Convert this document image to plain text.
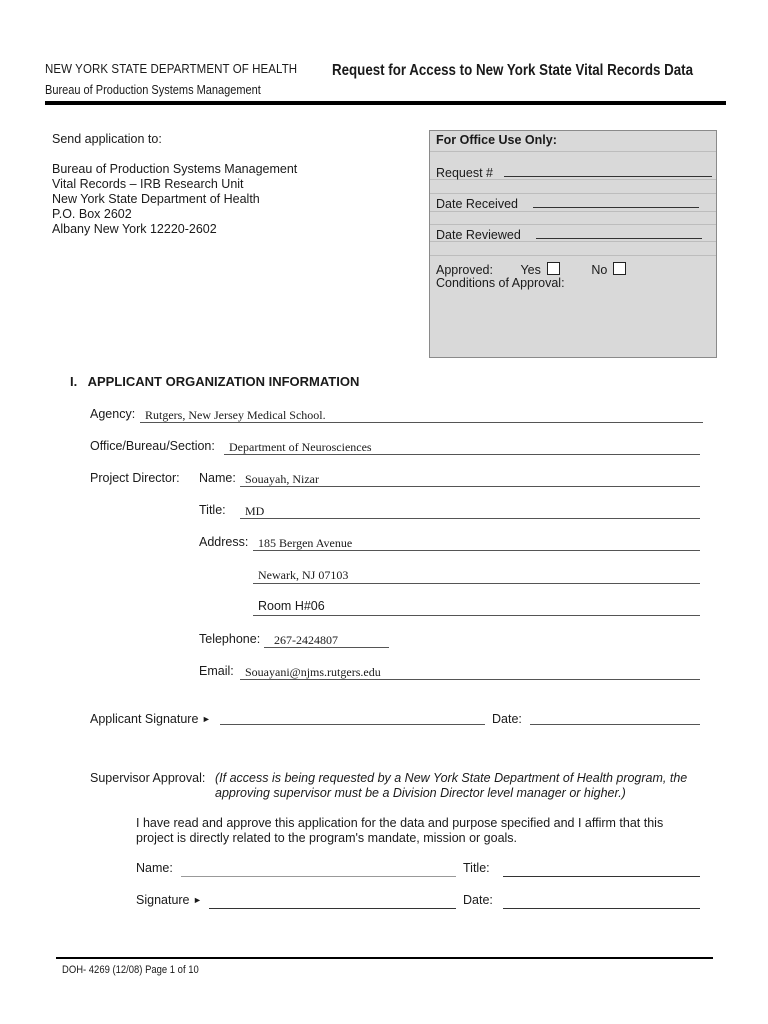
NEW YORK STATE DEPARTMENT OF HEALTH
Bureau of Production Systems Management
Request for Access to New York State Vital Records Data
Send application to:
Bureau of Production Systems Management
Vital Records – IRB Research Unit
New York State Department of Health
P.O. Box 2602
Albany New York 12220-2602
For Office Use Only:
Request #
Date Received
Date Reviewed
Approved: Yes	No
Conditions of Approval:
I.   APPLICANT ORGANIZATION INFORMATION
Agency: Rutgers, New Jersey Medical School.
Office/Bureau/Section: Department of Neurosciences
Project Director: Name: Souayah, Nizar
Title: MD
Address: 185 Bergen Avenue
Newark, NJ 07103
Room H#06
Telephone: 267-2424807
Email: Souayani@njms.rutgers.edu
Applicant Signature ►	Date:
Supervisor Approval: (If access is being requested by a New York State Department of Health program, the
approving supervisor must be a Division Director level manager or higher.)
I have read and approve this application for the data and purpose specified and I affirm that this
project is directly related to the program's mandate, mission or goals.
Name:	Title:
Signature ►	Date:
DOH- 4269 (12/08) Page 1 of 10
